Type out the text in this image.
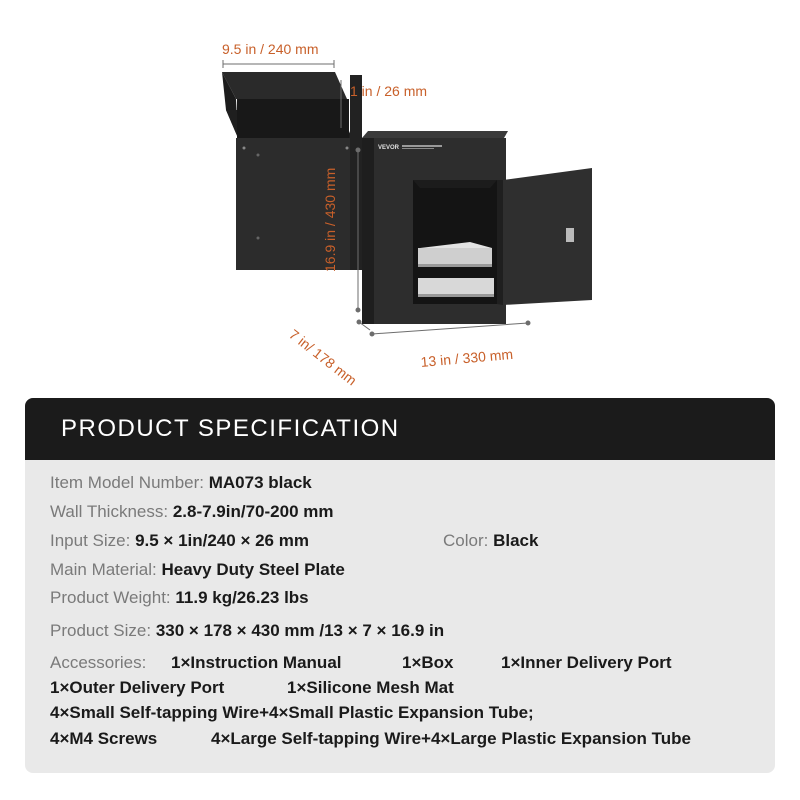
VEVOR
9.5 in / 240 mm
1 in / 26 mm
16.9 in / 430 mm
7 in/ 178 mm	13 in / 330 mm
PRODUCT SPECIFICATION
Item Model Number: MA073 black
Wall Thickness: 2.8-7.9in/70-200 mm
Input Size: 9.5 × 1in/240 × 26 mm	Color: Black
Main Material: Heavy Duty Steel Plate
Product Weight: 11.9 kg/26.23 lbs
Product Size: 330 × 178 × 430 mm /13 × 7 × 16.9 in
Accessories: 1×Instruction Manual	1×Box	1×Inner Delivery Port
1×Outer Delivery Port	1×Silicone Mesh Mat
4×Small Self-tapping Wire+4×Small Plastic Expansion Tube;
4×M4 Screws	4×Large Self-tapping Wire+4×Large Plastic Expansion Tube
